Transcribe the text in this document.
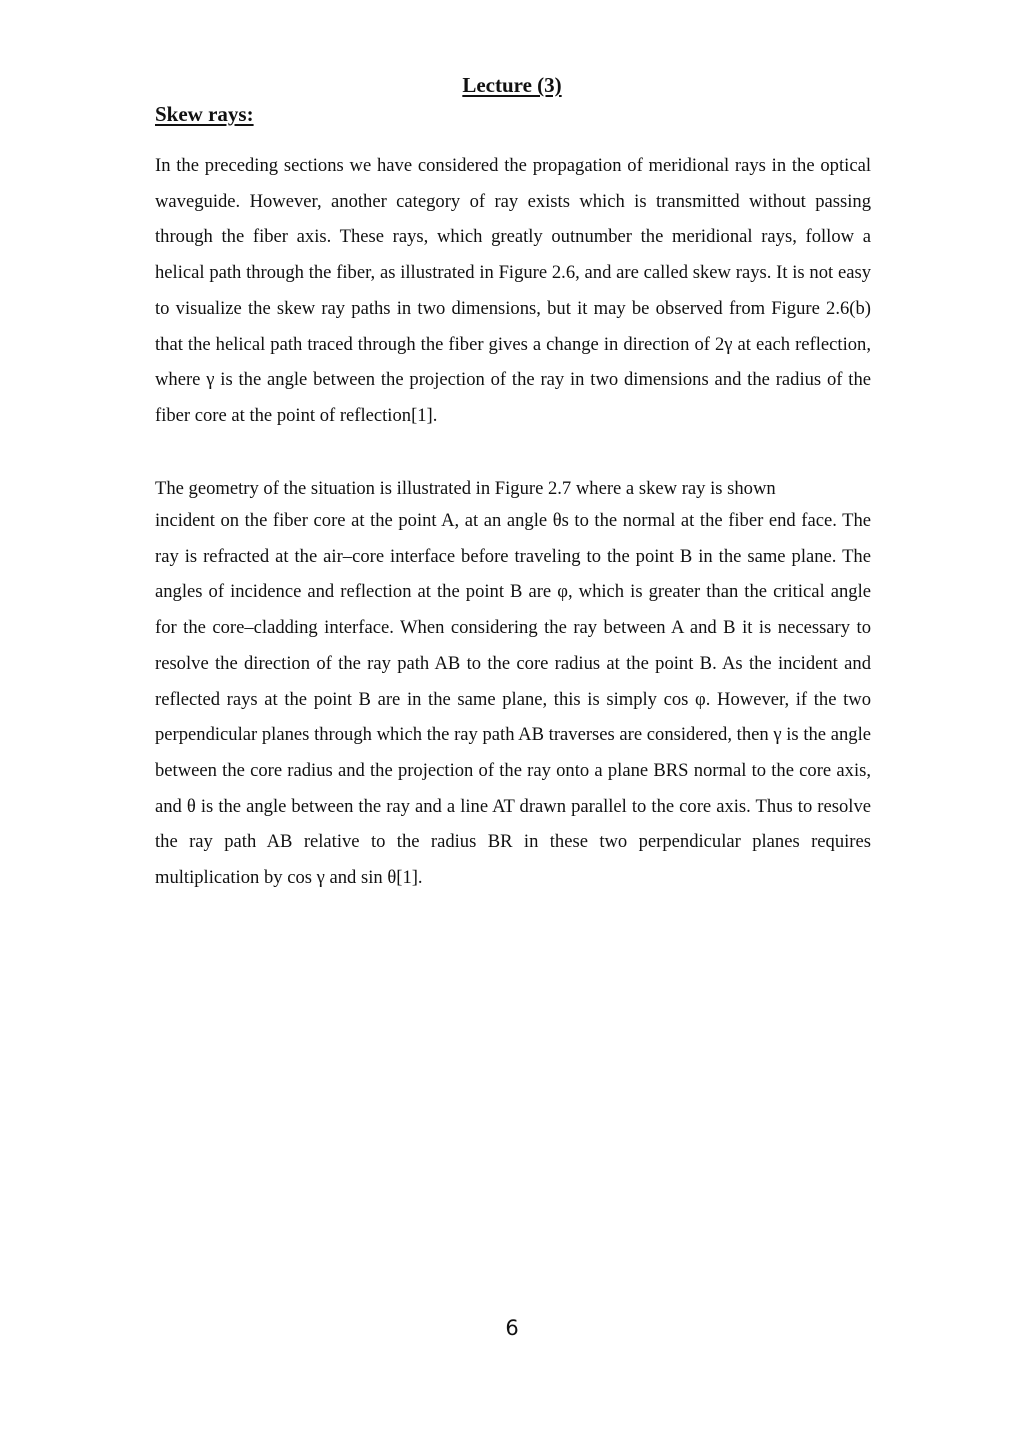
Lecture (3)
Skew rays:

In the preceding sections we have considered the propagation of meridional rays in the optical waveguide. However, another category of ray exists which is transmitted without passing through the fiber axis. These rays, which greatly outnumber the meridional rays, follow a helical path through the fiber, as illustrated in Figure 2.6, and are called skew rays. It is not easy to visualize the skew ray paths in two dimensions, but it may be observed from Figure 2.6(b) that the helical path traced through the fiber gives a change in direction of 2γ at each reflection, where γ is the angle between the projection of the ray in two dimensions and the radius of the fiber core at the point of reflection[1].

The geometry of the situation is illustrated in Figure 2.7 where a skew ray is shown
incident on the fiber core at the point A, at an angle θs to the normal at the fiber end face. The ray is refracted at the air–core interface before traveling to the point B in the same plane. The angles of incidence and reflection at the point B are φ, which is greater than the critical angle for the core–cladding interface. When considering the ray between A and B it is necessary to resolve the direction of the ray path AB to the core radius at the point B. As the incident and reflected rays at the point B are in the same plane, this is simply cos φ. However, if the two perpendicular planes through which the ray path AB traverses are considered, then γ is the angle between the core radius and the projection of the ray onto a plane BRS normal to the core axis, and θ is the angle between the ray and a line AT drawn parallel to the core axis. Thus to resolve the ray path AB relative to the radius BR in these two perpendicular planes requires multiplication by cos γ and sin θ[1].

6
